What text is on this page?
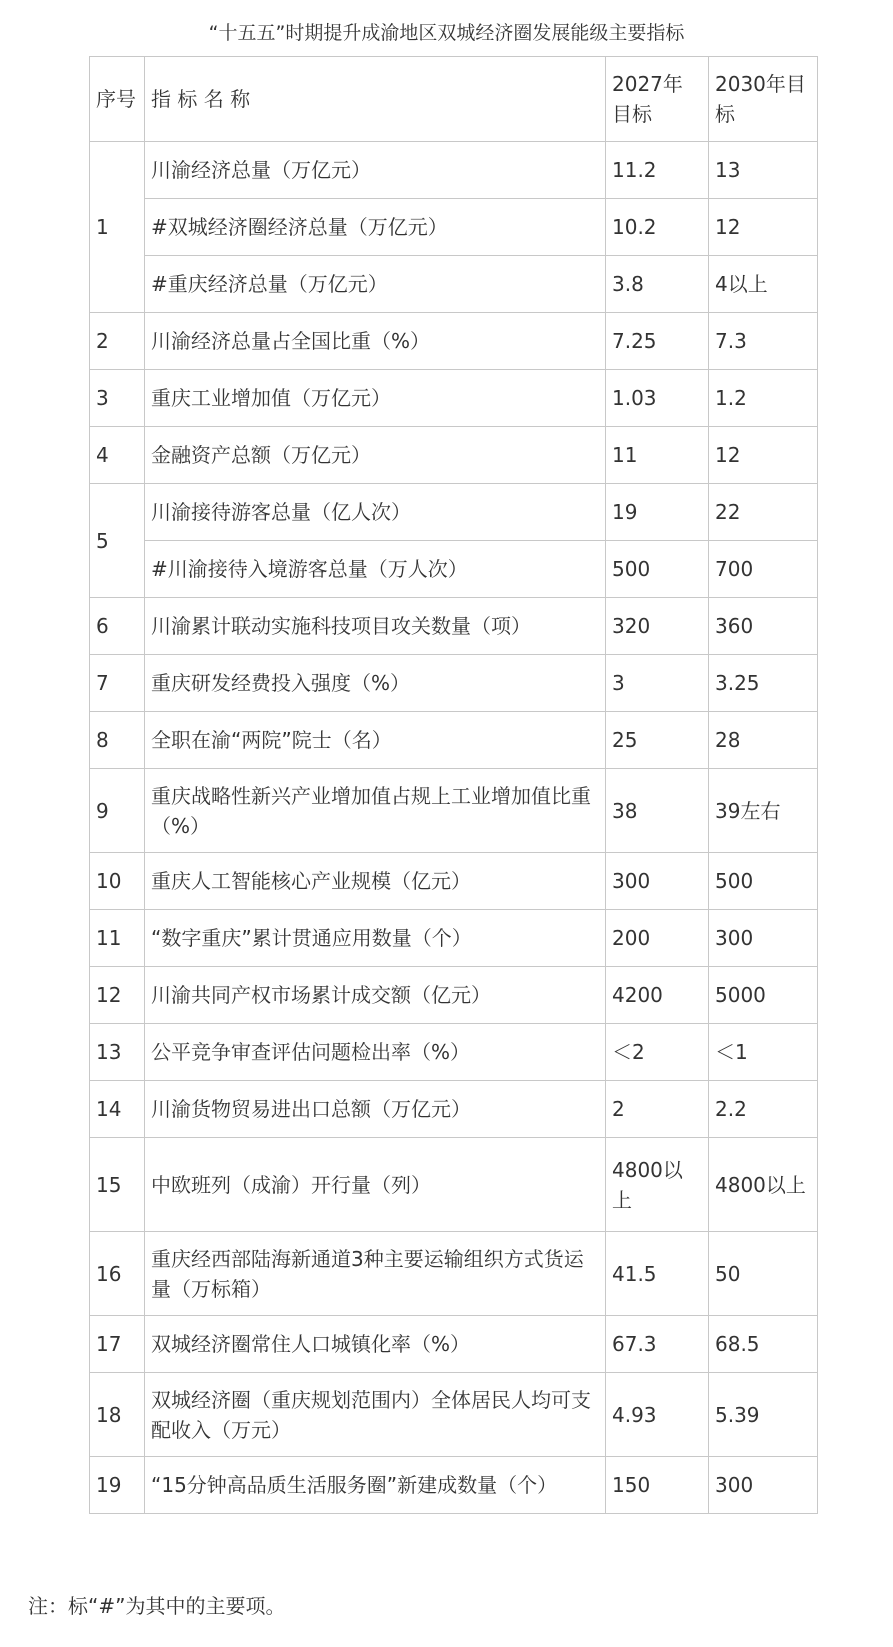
“十五五”时期提升成渝地区双城经济圈发展能级主要指标
序号	指 标 名 称	2027年目标	2030年目标
1	川渝经济总量（万亿元）	11.2	13
	#双城经济圈经济总量（万亿元）	10.2	12
	#重庆经济总量（万亿元）	3.8	4以上
2	川渝经济总量占全国比重（%）	7.25	7.3
3	重庆工业增加值（万亿元）	1.03	1.2
4	金融资产总额（万亿元）	11	12
5	川渝接待游客总量（亿人次）	19	22
	#川渝接待入境游客总量（万人次）	500	700
6	川渝累计联动实施科技项目攻关数量（项）	320	360
7	重庆研发经费投入强度（%）	3	3.25
8	全职在渝“两院”院士（名）	25	28
9	重庆战略性新兴产业增加值占规上工业增加值比重（%）	38	39左右
10	重庆人工智能核心产业规模（亿元）	300	500
11	“数字重庆”累计贯通应用数量（个）	200	300
12	川渝共同产权市场累计成交额（亿元）	4200	5000
13	公平竞争审查评估问题检出率（%）	＜2	＜1
14	川渝货物贸易进出口总额（万亿元）	2	2.2
15	中欧班列（成渝）开行量（列）	4800以上	4800以上
16	重庆经西部陆海新通道3种主要运输组织方式货运量（万标箱）	41.5	50
17	双城经济圈常住人口城镇化率（%）	67.3	68.5
18	双城经济圈（重庆规划范围内）全体居民人均可支配收入（万元）	4.93	5.39
19	“15分钟高品质生活服务圈”新建成数量（个）	150	300
注：标“#”为其中的主要项。
